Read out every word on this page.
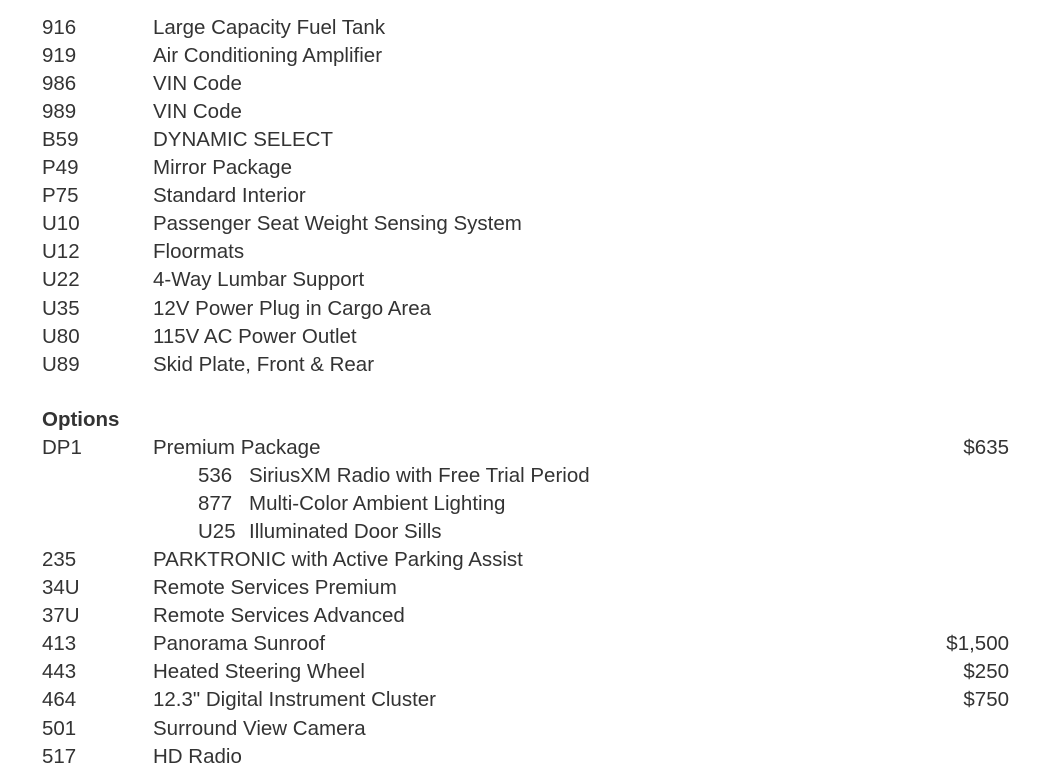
916	Large Capacity Fuel Tank
919	Air Conditioning Amplifier
986	VIN Code
989	VIN Code
B59	DYNAMIC SELECT
P49	Mirror Package
P75	Standard Interior
U10	Passenger Seat Weight Sensing System
U12	Floormats
U22	4-Way Lumbar Support
U35	12V Power Plug in Cargo Area
U80	115V AC Power Outlet
U89	Skid Plate, Front & Rear
Options
DP1	Premium Package	$635
536 SiriusXM Radio with Free Trial Period
877 Multi-Color Ambient Lighting
U25 Illuminated Door Sills
235	PARKTRONIC with Active Parking Assist
34U	Remote Services Premium
37U	Remote Services Advanced
413	Panorama Sunroof	$1,500
443	Heated Steering Wheel	$250
464	12.3" Digital Instrument Cluster	$750
501	Surround View Camera
517	HD Radio
